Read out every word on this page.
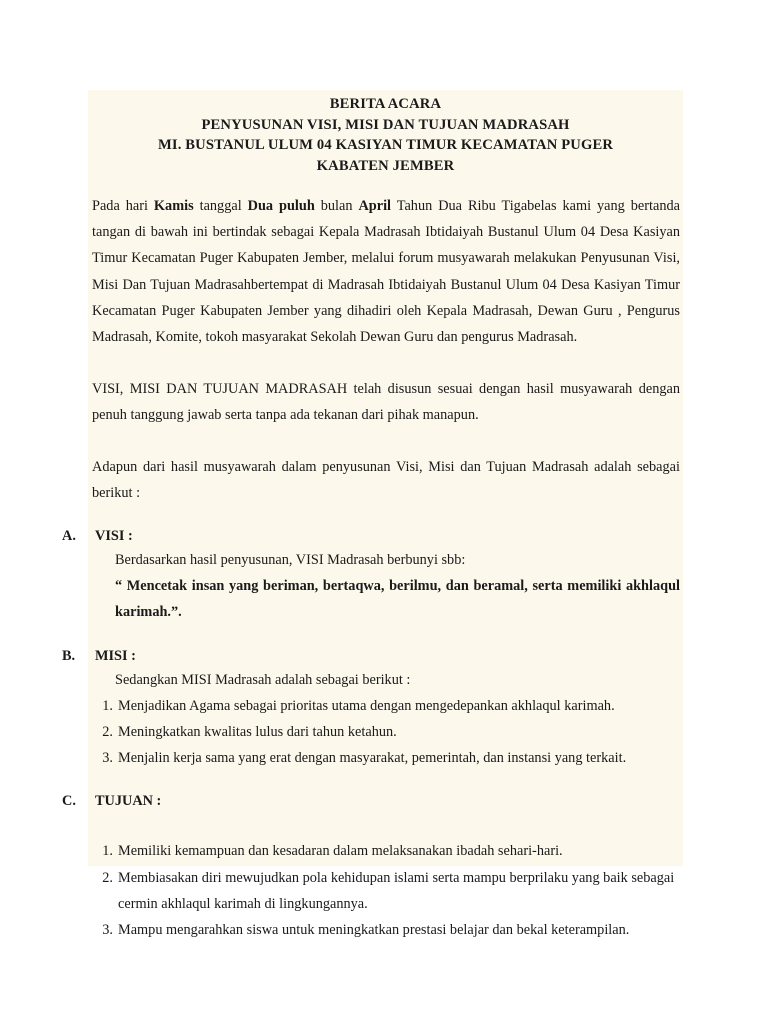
BERITA ACARA
PENYUSUNAN VISI, MISI DAN TUJUAN MADRASAH
MI. BUSTANUL ULUM 04 KASIYAN TIMUR KECAMATAN PUGER
KABATEN JEMBER
Pada hari Kamis tanggal Dua puluh bulan April Tahun Dua Ribu Tigabelas kami yang bertanda tangan di bawah ini bertindak sebagai Kepala Madrasah Ibtidaiyah Bustanul Ulum 04 Desa Kasiyan Timur Kecamatan Puger Kabupaten Jember, melalui forum musyawarah melakukan Penyusunan Visi, Misi Dan Tujuan Madrasahbertempat di Madrasah Ibtidaiyah Bustanul Ulum 04 Desa Kasiyan Timur Kecamatan Puger Kabupaten Jember yang dihadiri oleh Kepala Madrasah, Dewan Guru , Pengurus Madrasah, Komite, tokoh masyarakat Sekolah Dewan Guru dan pengurus Madrasah.
VISI, MISI DAN TUJUAN MADRASAH telah disusun sesuai dengan hasil musyawarah dengan penuh tanggung jawab serta tanpa ada tekanan dari pihak manapun.
Adapun dari hasil musyawarah dalam penyusunan Visi, Misi dan Tujuan Madrasah adalah sebagai berikut :
A. VISI :
Berdasarkan hasil penyusunan, VISI Madrasah berbunyi sbb:
“ Mencetak insan yang beriman, bertaqwa, berilmu, dan beramal, serta memiliki akhlaqul karimah.”.
B. MISI :
Sedangkan MISI Madrasah adalah sebagai berikut :
1. Menjadikan Agama sebagai prioritas utama dengan mengedepankan akhlaqul karimah.
2. Meningkatkan kwalitas lulus dari tahun ketahun.
3. Menjalin kerja sama yang erat dengan masyarakat, pemerintah, dan instansi yang terkait.
C. TUJUAN :
1. Memiliki kemampuan dan kesadaran dalam melaksanakan ibadah sehari-hari.
2. Membiasakan diri mewujudkan pola kehidupan islami serta mampu berprilaku yang baik sebagai cermin akhlaqul karimah di lingkungannya.
3. Mampu mengarahkan siswa untuk meningkatkan prestasi belajar dan bekal keterampilan.
